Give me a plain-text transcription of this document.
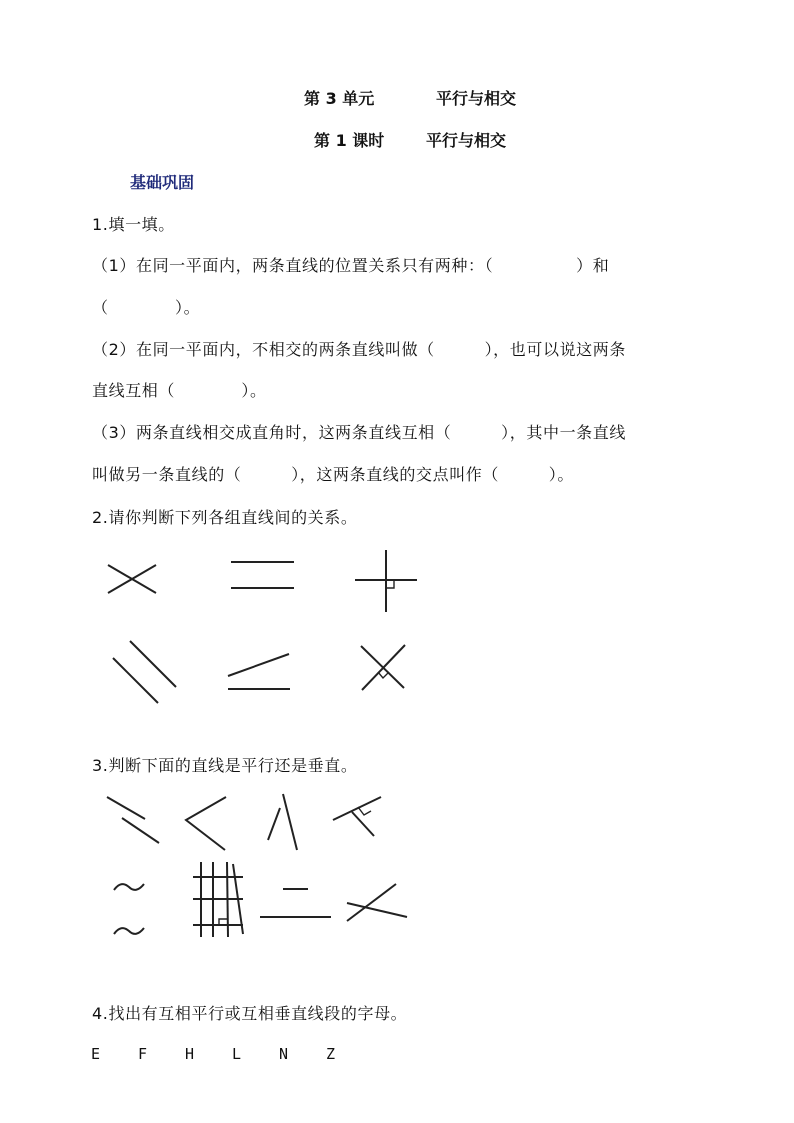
第 3 单元	平行与相交
第 1 课时	平行与相交
基础巩固
1.填一填。
（1）在同一平面内，两条直线的位置关系只有两种：（　　　　　）和
（　　　　）。
（2）在同一平面内，不相交的两条直线叫做（　　　），也可以说这两条
直线互相（　　　　）。
（3）两条直线相交成直角时，这两条直线互相（　　　），其中一条直线
叫做另一条直线的（　　　），这两条直线的交点叫作（　　　）。
2.请你判断下列各组直线间的关系。
3.判断下面的直线是平行还是垂直。
4.找出有互相平行或互相垂直线段的字母。
E	F	H	L	N	Z
